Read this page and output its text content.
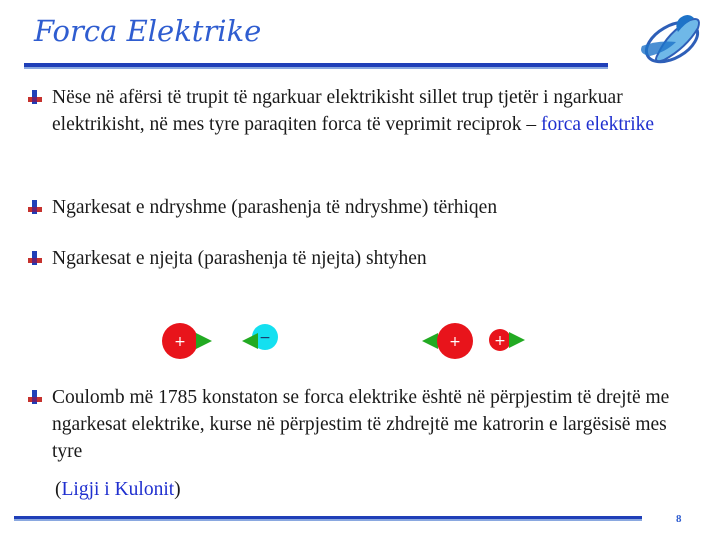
Forca Elektrike
Nëse në afërsi të trupit të ngarkuar elektrikisht sillet trup tjetër i ngarkuar elektrikisht, në mes tyre paraqiten forca të veprimit reciprok – forca elektrike
Ngarkesat e ndryshme (parashenja të ndryshme) tërhiqen
Ngarkesat e njejta (parashenja të njejta) shtyhen
+	−	+ +
Coulomb më 1785 konstaton se forca elektrike është në përpjestim të drejtë me ngarkesat elektrike, kurse në përpjestim të zhdrejtë me katrorin e largësisë mes tyre
(Ligji i Kulonit)
8
